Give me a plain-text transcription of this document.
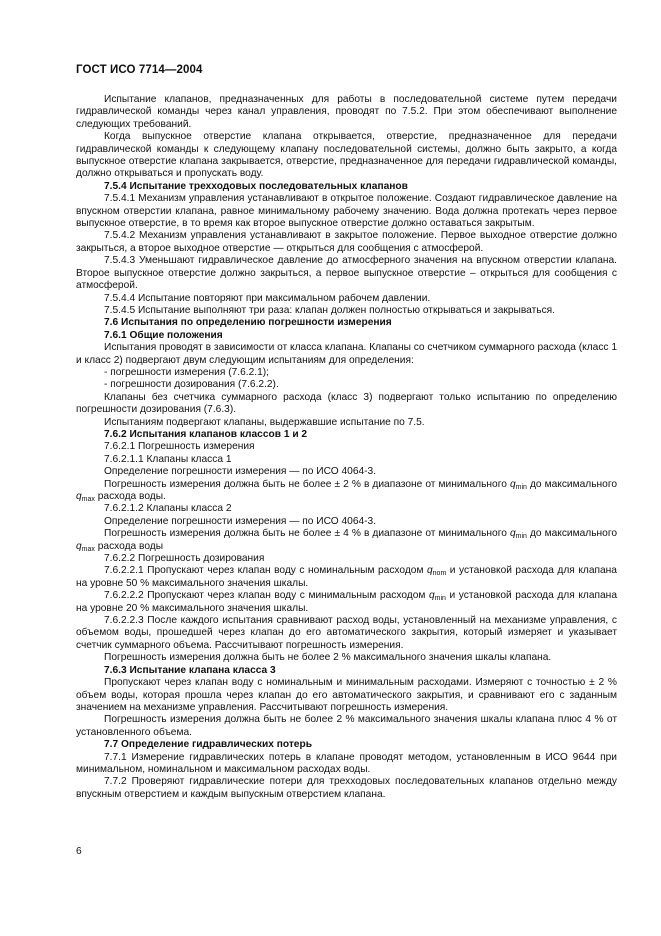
ГОСТ ИСО 7714—2004

Испытание клапанов, предназначенных для работы в последовательной системе путем передачи гидравлической команды через канал управления, проводят по 7.5.2. При этом обеспечивают выполнение следующих требований.

Когда выпускное отверстие клапана открывается, отверстие, предназначенное для передачи гидравлической команды к следующему клапану последовательной системы, должно быть закрыто, а когда выпускное отверстие клапана закрывается, отверстие, предназначенное для передачи гидравлической команды, должно открываться и пропускать воду.

7.5.4 Испытание трехходовых последовательных клапанов

7.5.4.1 Механизм управления устанавливают в открытое положение. Создают гидравлическое давление на впускном отверстии клапана, равное минимальному рабочему значению. Вода должна протекать через первое выпускное отверстие, в то время как второе выпускное отверстие должно оставаться закрытым.

7.5.4.2 Механизм управления устанавливают в закрытое положение. Первое выходное отверстие должно закрыться, а второе выходное отверстие — открыться для сообщения с атмосферой.

7.5.4.3 Уменьшают гидравлическое давление до атмосферного значения на впускном отверстии клапана. Второе выпускное отверстие должно закрыться, а первое выпускное отверстие – открыться для сообщения с атмосферой.

7.5.4.4 Испытание повторяют при максимальном рабочем давлении.

7.5.4.5 Испытание выполняют три раза: клапан должен полностью открываться и закрываться.

7.6 Испытания по определению погрешности измерения

7.6.1 Общие положения

Испытания проводят в зависимости от класса клапана. Клапаны со счетчиком суммарного расхода (класс 1 и класс 2) подвергают двум следующим испытаниям для определения:

- погрешности измерения (7.6.2.1);

- погрешности дозирования (7.6.2.2).

Клапаны без счетчика суммарного расхода (класс 3) подвергают только испытанию по определению погрешности дозирования (7.6.3).

Испытаниям подвергают клапаны, выдержавшие испытание по 7.5.

7.6.2 Испытания клапанов классов 1 и 2

7.6.2.1 Погрешность измерения

7.6.2.1.1 Клапаны класса 1

Определение погрешности измерения — по ИСО 4064-3.

Погрешность измерения должна быть не более ± 2 % в диапазоне от минимального $q_{min}$ до максимального $q_{max}$ расхода воды.

7.6.2.1.2 Клапаны класса 2

Определение погрешности измерения — по ИСО 4064-3.

Погрешность измерения должна быть не более ± 4 % в диапазоне от минимального $q_{min}$ до максимального $q_{max}$ расхода воды

7.6.2.2 Погрешность дозирования

7.6.2.2.1 Пропускают через клапан воду с номинальным расходом $q_{nom}$ и установкой расхода для клапана на уровне 50 % максимального значения шкалы.

7.6.2.2.2 Пропускают через клапан воду с минимальным расходом $q_{min}$ и установкой расхода для клапана на уровне 20 % максимального значения шкалы.

7.6.2.2.3 После каждого испытания сравнивают расход воды, установленный на механизме управления, с объемом воды, прошедшей через клапан до его автоматического закрытия, который измеряет и указывает счетчик суммарного объема. Рассчитывают погрешность измерения.

Погрешность измерения должна быть не более 2 % максимального значения шкалы клапана.

7.6.3 Испытание клапана класса 3

Пропускают через клапан воду с номинальным и минимальным расходами. Измеряют с точностью ± 2 % объем воды, которая прошла через клапан до его автоматического закрытия, и сравнивают его с заданным значением на механизме управления. Рассчитывают погрешность измерения.

Погрешность измерения должна быть не более 2 % максимального значения шкалы клапана плюс 4 % от установленного объема.

7.7 Определение гидравлических потерь

7.7.1 Измерение гидравлических потерь в клапане проводят методом, установленным в ИСО 9644 при минимальном, номинальном и максимальном расходах воды.

7.7.2 Проверяют гидравлические потери для трехходовых последовательных клапанов отдельно между впускным отверстием и каждым выпускным отверстием клапана.

6
